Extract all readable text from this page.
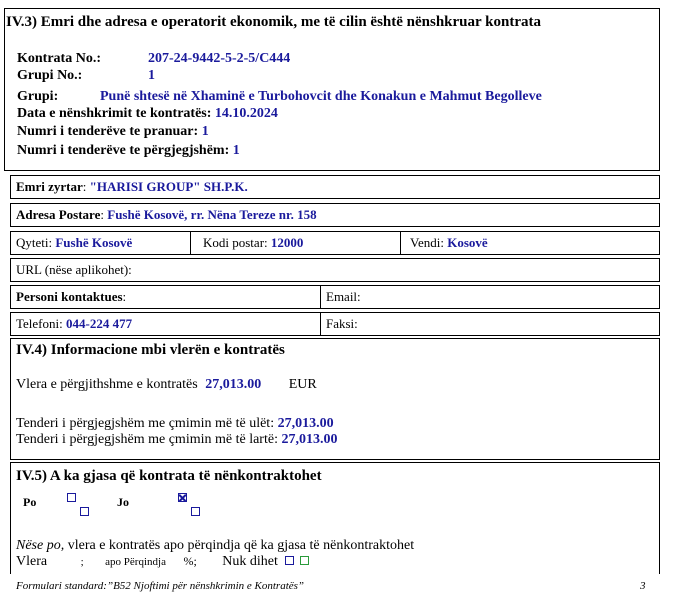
IV.3) Emri dhe adresa e operatorit ekonomik, me të cilin është nënshkruar kontrata
Kontrata No.:	207-24-9442-5-2-5/C444
Grupi No.:	1
Grupi:	Punë shtesë në Xhaminë e Turbohovcit dhe Konakun e Mahmut Begolleve
Data e nënshkrimit te kontratës: 14.10.2024
Numri i tenderëve te pranuar: 1
Numri i tenderëve te përgjegjshëm: 1
Emri zyrtar: "HARISI GROUP" SH.P.K.
Adresa Postare: Fushë Kosovë, rr. Nëna Tereze nr. 158
Qyteti: Fushë Kosovë	Kodi postar: 12000	Vendi: Kosovë
URL (nëse aplikohet):
Personi kontaktues:	Email:
Telefoni: 044-224 477	Faksi:
IV.4) Informacione mbi vlerën e kontratës
Vlera e përgjithshme e kontratës 27,013.00 EUR
Tenderi i përgjegjshëm me çmimin më të ulët: 27,013.00
Tenderi i përgjegjshëm me çmimin më të lartë: 27,013.00
IV.5) A ka gjasa që kontrata të nënkontraktohet
Po
	Jo

Nëse po, vlera e kontratës apo përqindja që ka gjasa të nënkontraktohet
Vlera	; apo Përqindja %; Nuk dihet
Formulari standard:”B52 Njoftimi për nënshkrimin e Kontratës”	3
